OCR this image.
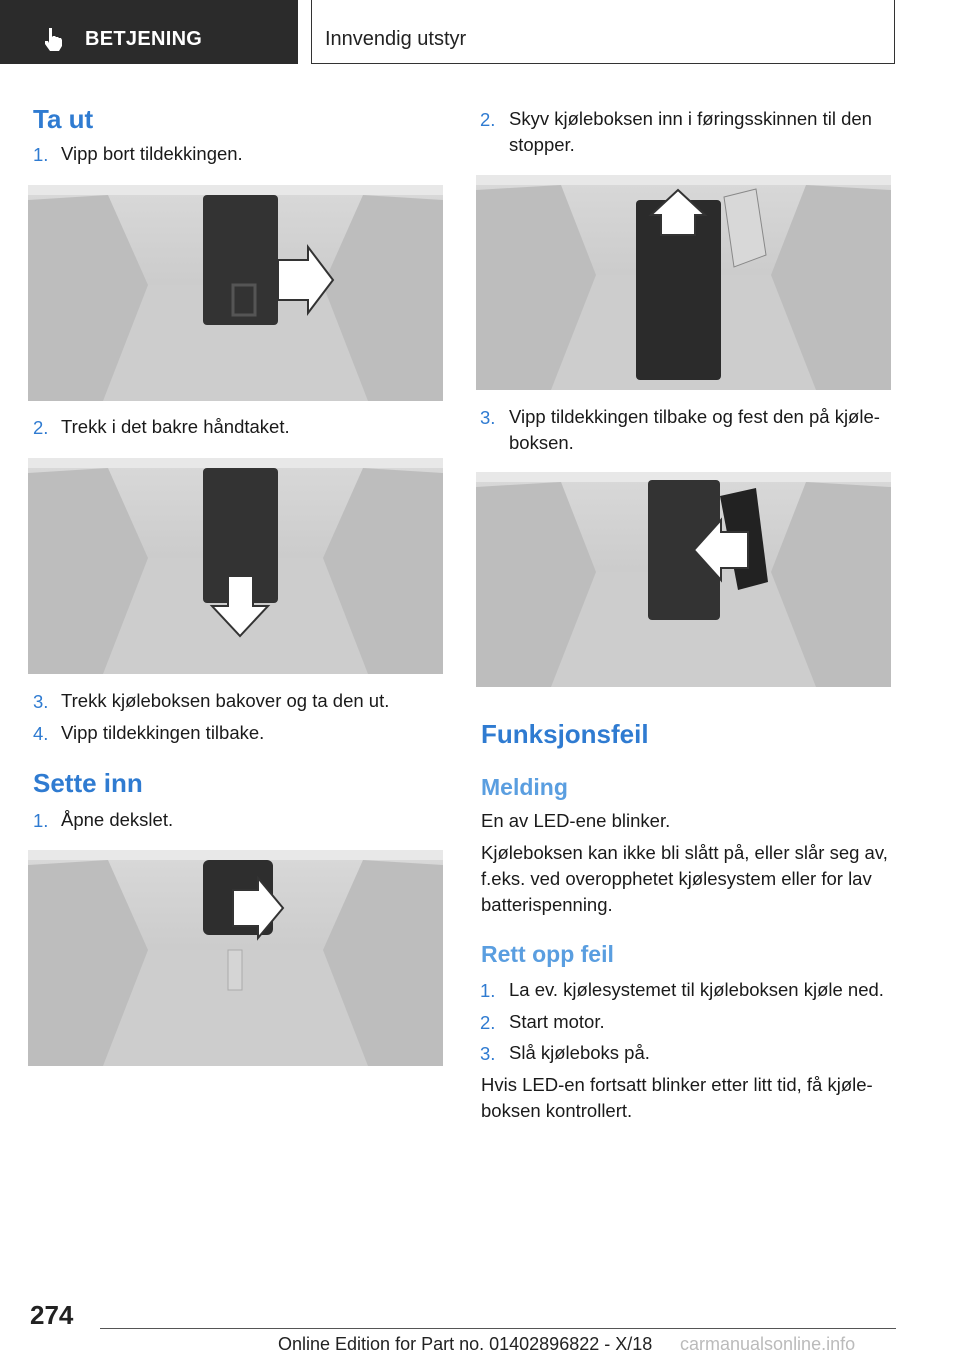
BETJENING	Innvendig utstyr
Ta ut
1. Vipp bort tildekkingen.
2. Trekk i det bakre håndtaket.
3. Trekk kjøleboksen bakover og ta den ut.
4. Vipp tildekkingen tilbake.
Sette inn
1. Åpne dekslet.
2. Skyv kjøleboksen inn i føringsskinnen til den
stopper.
3. Vipp tildekkingen tilbake og fest den på kjøle-
boksen.
Funksjonsfeil
Melding
En av LED-ene blinker.
Kjøleboksen kan ikke bli slått på, eller slår seg av,
f.eks. ved overopphetet kjølesystem eller for lav
batterispenning.
Rett opp feil
1. La ev. kjølesystemet til kjøleboksen kjøle ned.
2. Start motor.
3. Slå kjøleboks på.
Hvis LED-en fortsatt blinker etter litt tid, få kjøle-
boksen kontrollert.
274
Online Edition for Part no. 01402896822 - X/18 carmanualsonline.info
